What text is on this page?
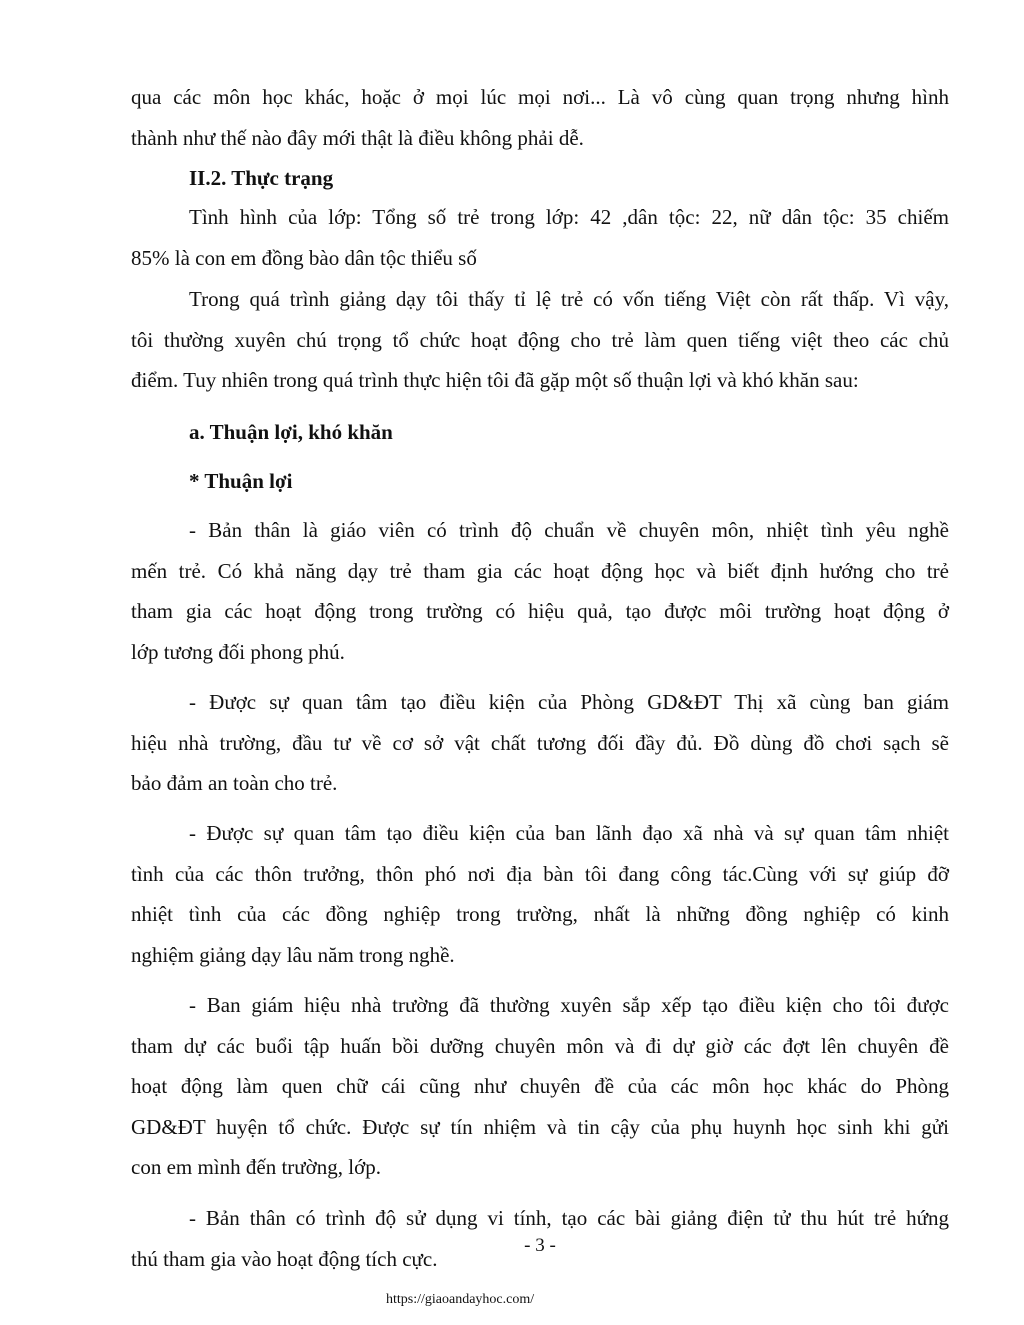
qua các môn học khác, hoặc ở mọi lúc mọi nơi... Là vô cùng quan trọng nhưng hình
thành như thế nào đây mới thật là điều không phải dễ.
II.2. Thực trạng
Tình hình của lớp: Tổng số trẻ trong lớp: 42 ,dân tộc: 22, nữ dân tộc: 35 chiếm
85% là con em đồng bào dân tộc thiểu số
Trong quá trình giảng dạy tôi thấy tỉ lệ trẻ có vốn tiếng Việt còn rất thấp. Vì vậy,
tôi thường xuyên chú trọng tổ chức hoạt động cho trẻ làm quen tiếng việt theo các chủ
điểm. Tuy nhiên trong quá trình thực hiện tôi đã gặp một số thuận lợi và khó khăn sau:
a. Thuận lợi, khó khăn
* Thuận lợi
- Bản thân là giáo viên có trình độ chuẩn về chuyên môn, nhiệt tình yêu nghề
mến trẻ. Có khả năng dạy trẻ tham gia các hoạt động học và biết định hướng cho trẻ
tham gia các hoạt động trong trường có hiệu quả, tạo được môi trường hoạt động ở
lớp tương đối phong phú.
- Được sự quan tâm tạo điều kiện của Phòng GD&ĐT Thị xã cùng ban giám
hiệu nhà trường, đầu tư về cơ sở vật chất tương đối đầy đủ. Đồ dùng đồ chơi sạch sẽ
bảo đảm an toàn cho trẻ.
- Được sự quan tâm tạo điều kiện của ban lãnh đạo xã nhà và sự quan tâm nhiệt
tình của các thôn trưởng, thôn phó nơi địa bàn tôi đang công tác.Cùng với sự giúp đỡ
nhiệt tình của các đồng nghiệp trong trường, nhất là những đồng nghiệp có kinh
nghiệm giảng dạy lâu năm trong nghề.
- Ban giám hiệu nhà trường đã thường xuyên sắp xếp tạo điều kiện cho tôi được
tham dự các buổi tập huấn bồi dưỡng chuyên môn và đi dự giờ các đợt lên chuyên đề
hoạt động làm quen chữ cái cũng như chuyên đề của các môn học khác do Phòng
GD&ĐT huyện tổ chức. Được sự tín nhiệm và tin cậy của phụ huynh học sinh khi gửi
con em mình đến trường, lớp.
- Bản thân có trình độ sử dụng vi tính, tạo các bài giảng điện tử thu hút trẻ hứng
thú tham gia vào hoạt động tích cực.
- 3 -
https://giaoandayhoc.com/
